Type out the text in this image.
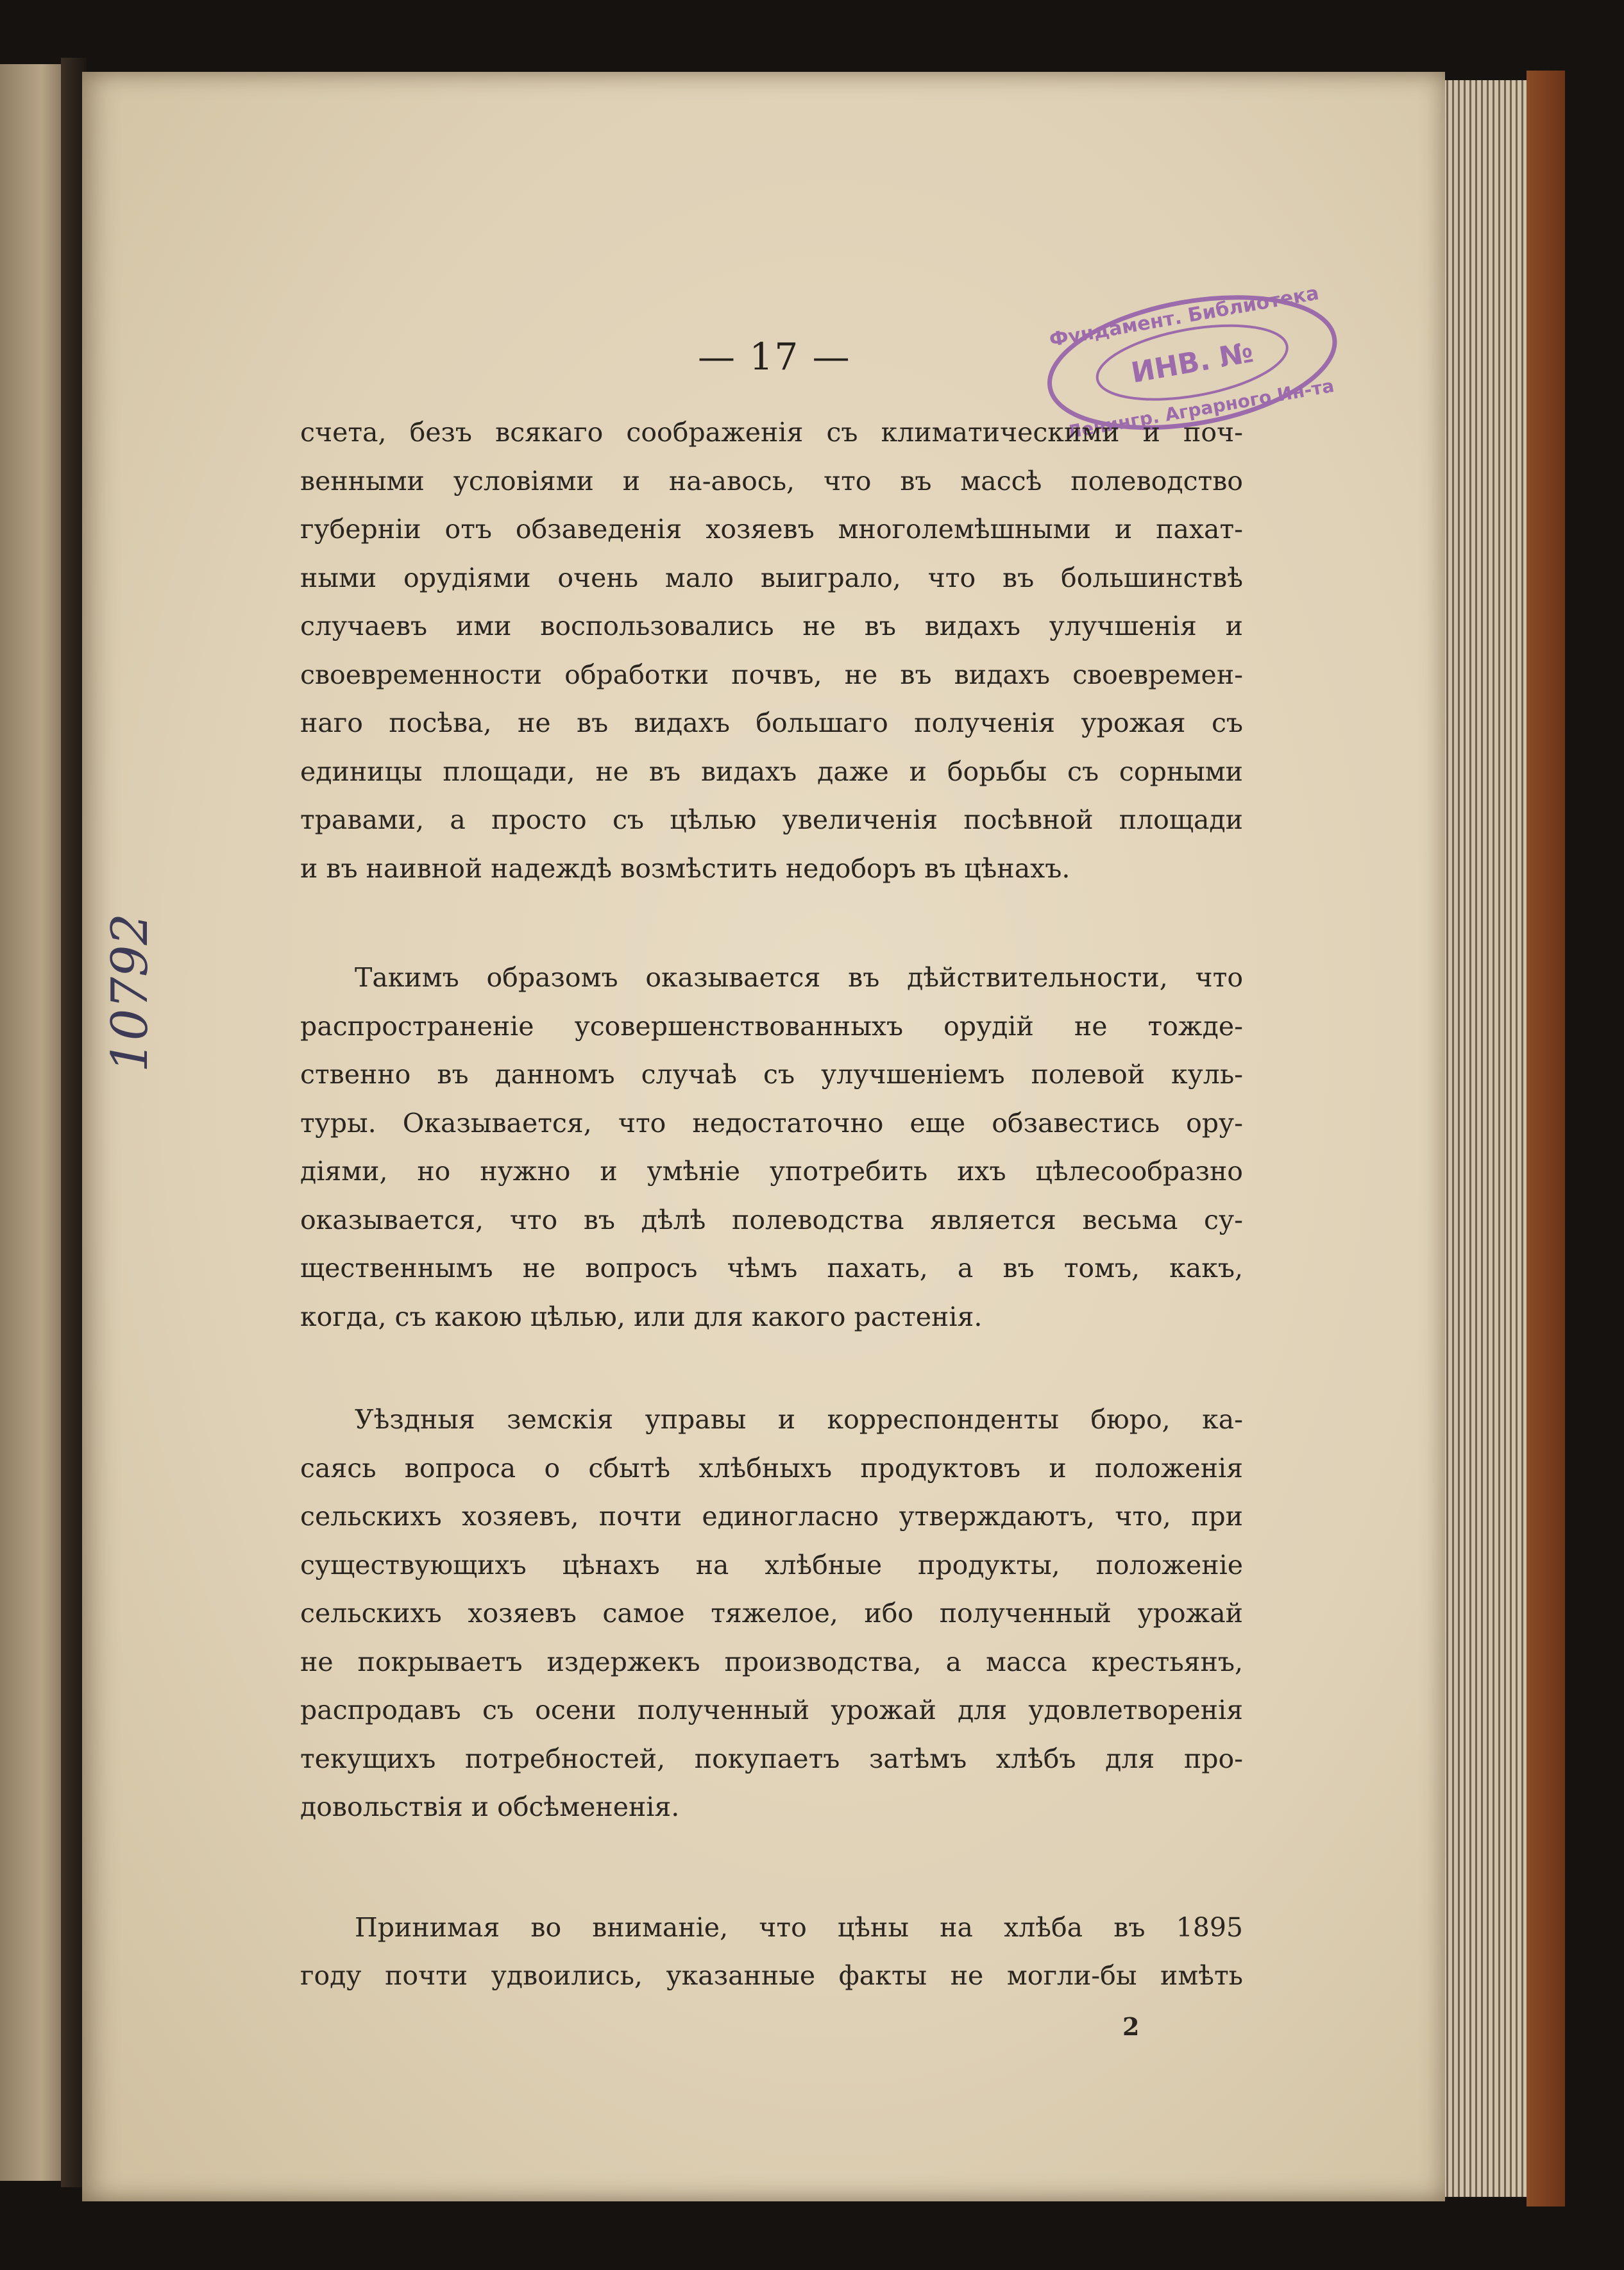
10792
— 17 —
Фундамент. Библиотека
ИНВ. №
Ленингр. Аграрного Ин-та
счета, безъ всякаго соображенія съ климатическими и поч-
венными условіями и на-авось, что въ массѣ полеводство
губерніи отъ обзаведенія хозяевъ многолемѣшными и пахат-
ными орудіями очень мало выиграло, что въ большинствѣ
случаевъ ими воспользовались не въ видахъ улучшенія и
своевременности обработки почвъ, не въ видахъ своевремен-
наго посѣва, не въ видахъ большаго полученія урожая съ
единицы площади, не въ видахъ даже и борьбы съ сорными
травами, а просто съ цѣлью увеличенія посѣвной площади
и въ наивной надеждѣ возмѣстить недоборъ въ цѣнахъ.
Такимъ образомъ оказывается въ дѣйствительности, что
распространеніе усовершенствованныхъ орудій не тожде-
ственно въ данномъ случаѣ съ улучшеніемъ полевой куль-
туры. Оказывается, что недостаточно еще обзавестись ору-
діями, но нужно и умѣніе употребить ихъ цѣлесообразно
оказывается, что въ дѣлѣ полеводства является весьма су-
щественнымъ не вопросъ чѣмъ пахать, а въ томъ, какъ,
когда, съ какою цѣлью, или для какого растенія.
Уѣздныя земскія управы и корреспонденты бюро, ка-
саясь вопроса о сбытѣ хлѣбныхъ продуктовъ и положенія
сельскихъ хозяевъ, почти единогласно утверждаютъ, что, при
существующихъ цѣнахъ на хлѣбные продукты, положеніе
сельскихъ хозяевъ самое тяжелое, ибо полученный урожай
не покрываетъ издержекъ производства, а масса крестьянъ,
распродавъ съ осени полученный урожай для удовлетворенія
текущихъ потребностей, покупаетъ затѣмъ хлѣбъ для про-
довольствія и обсѣмененія.
Принимая во вниманіе, что цѣны на хлѣба въ 1895
году почти удвоились, указанные факты не могли-бы имѣть
2
